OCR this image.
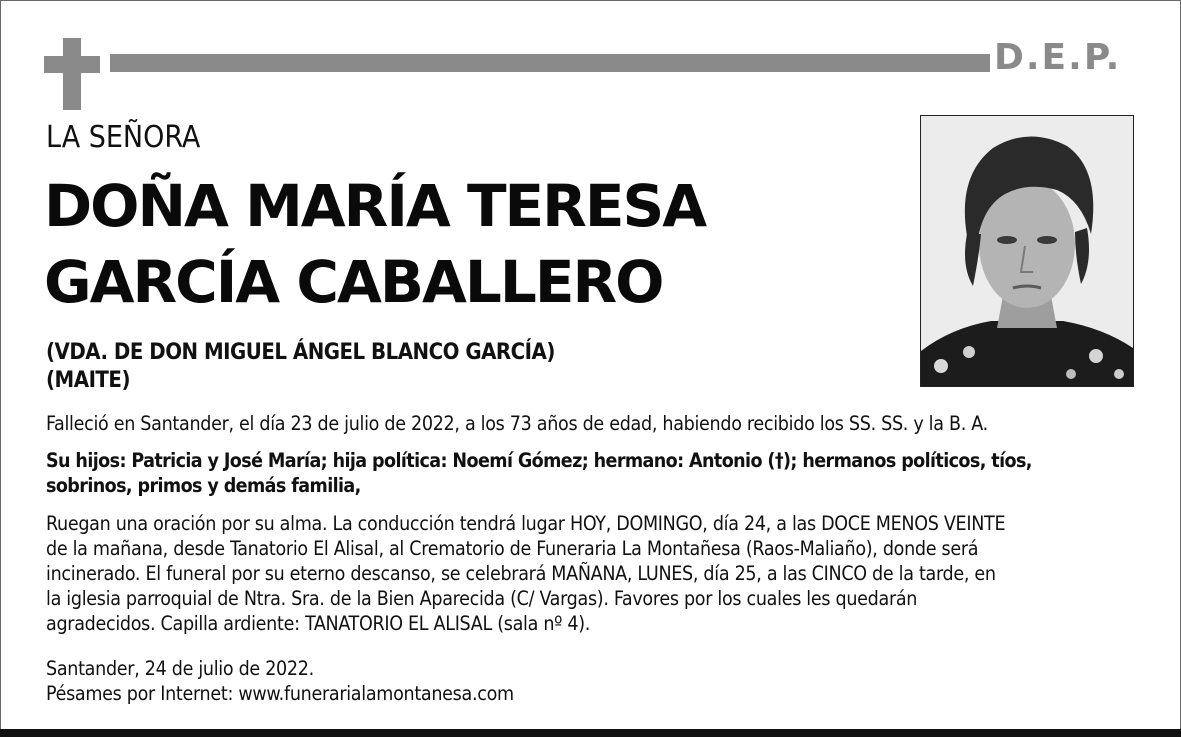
D.E.P.
LA SEÑORA
DOÑA MARÍA TERESA
GARCÍA CABALLERO
(VDA. DE DON MIGUEL ÁNGEL BLANCO GARCÍA)
(MAITE)
Falleció en Santander, el día 23 de julio de 2022, a los 73 años de edad, habiendo recibido los SS. SS. y la B. A.
Su hijos: Patricia y José María; hija política: Noemí Gómez; hermano: Antonio (†); hermanos políticos, tíos,
sobrinos, primos y demás familia,
Ruegan una oración por su alma. La conducción tendrá lugar HOY, DOMINGO, día 24, a las DOCE MENOS VEINTE
de la mañana, desde Tanatorio El Alisal, al Crematorio de Funeraria La Montañesa (Raos-Maliaño), donde será
incinerado. El funeral por su eterno descanso, se celebrará MAÑANA, LUNES, día 25, a las CINCO de la tarde, en
la iglesia parroquial de Ntra. Sra. de la Bien Aparecida (C/ Vargas). Favores por los cuales les quedarán
agradecidos. Capilla ardiente: TANATORIO EL ALISAL (sala nº 4).
Santander, 24 de julio de 2022.
Pésames por Internet: www.funerarialamontanesa.com
